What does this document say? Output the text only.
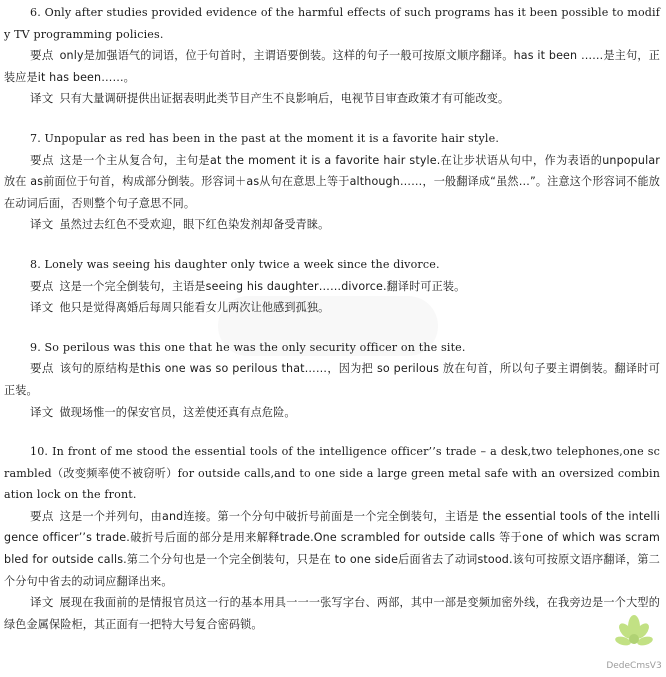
6. Only after studies provided evidence of the harmful effects of such programs has it been possible to modify TV programming policies.

要点 only是加强语气的词语，位于句首时，主谓语要倒装。这样的句子一般可按原文顺序翻译。has it been ……是主句，正装应是it has been……。

译文 只有大量调研提供出证据表明此类节目产生不良影响后，电视节目审查政策才有可能改变。

7. Unpopular as red has been in the past at the moment it is a favorite hair style.

要点 这是一个主从复合句，主句是at the moment it is a favorite hair style.在让步状语从句中，作为表语的unpopular 放在 as前面位于句首，构成部分倒装。形容词＋as从句在意思上等于although……，一般翻译成“虽然…”。注意这个形容词不能放在动词后面，否则整个句子意思不同。

译文 虽然过去红色不受欢迎，眼下红色染发剂却备受青睐。

8. Lonely was seeing his daughter only twice a week since the divorce.

要点 这是一个完全倒装句，主语是seeing his daughter……divorce.翻译时可正装。

译文 他只是觉得离婚后每周只能看女儿两次让他感到孤独。

9. So perilous was this one that he was the only security officer on the site.

要点 该句的原结构是this one was so perilous that……，因为把 so perilous 放在句首，所以句子要主谓倒装。翻译时可正装。

译文 做现场惟一的保安官员，这差使还真有点危险。

10. In front of me stood the essential tools of the intelligence officer’’s trade – a desk,two telephones,one scrambled（改变频率使不被窃听）for outside calls,and to one side a large green metal safe with an oversized combination lock on the front.

要点 这是一个并列句，由and连接。第一个分句中破折号前面是一个完全倒装句，主语是 the essential tools of the intelligence officer’’s trade.破折号后面的部分是用来解释trade.One scrambled for outside calls 等于one of which was scrambled for outside calls.第二个分句也是一个完全倒装句，只是在 to one side后面省去了动词stood.该句可按原文语序翻译，第二个分句中省去的动词应翻译出来。

译文 展现在我面前的是情报官员这一行的基本用具一一一张写字台、两部，其中一部是变频加密外线，在我旁边是一个大型的绿色金属保险柜，其正面有一把特大号复合密码锁。

DedeCmsV3
